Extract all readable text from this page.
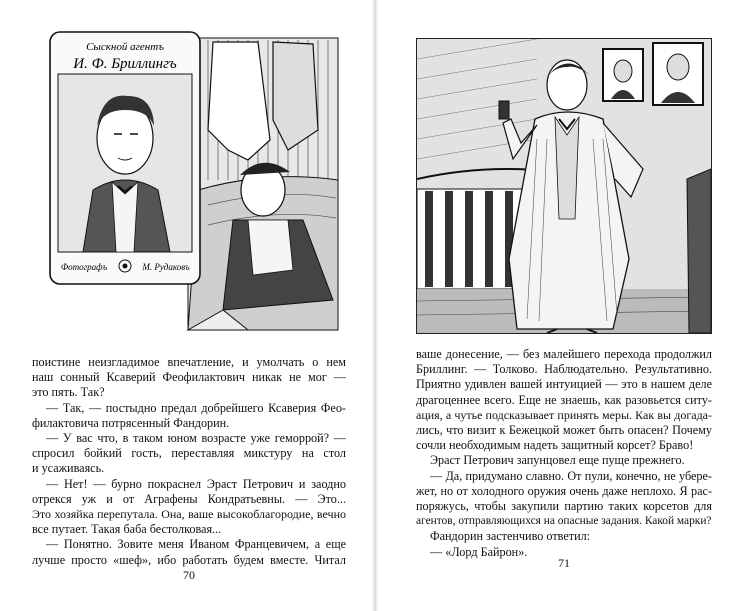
Сыскной агентъ
И. Ф. Бриллингъ
Фотографъ	М. Рудаковъ
поистине неизгладимое впечатление, и умолчать о нем
наш сонный Ксаверий Феофилактович никак не мог —
это пять. Так?
— Так, — постыдно предал добрейшего Ксаверия Фео-
филактовича потрясенный Фандорин.
— У вас что, в таком юном возрасте уже геморрой? —
спросил бойкий гость, переставляя микстуру на стол
и усаживаясь.
— Нет! — бурно покраснел Эраст Петрович и заодно
отрекся уж и от Аграфены Кондратьевны. — Это...
Это хозяйка перепутала. Она, ваше высокоблагородие, вечно
все путает. Такая баба бестолковая...
— Понятно. Зовите меня Иваном Францевичем, а еще
лучше просто «шеф», ибо работать будем вместе. Читал
70
ваше донесение, — без малейшего перехода продолжил
Бриллинг. — Толково. Наблюдательно. Результативно.
Приятно удивлен вашей интуицией — это в нашем деле
драгоценнее всего. Еще не знаешь, как разовьется ситу-
ация, а чутье подсказывает принять меры. Как вы догада-
лись, что визит к Бежецкой может быть опасен? Почему
сочли необходимым надеть защитный корсет? Браво!
Эраст Петрович запунцовел еще пуще прежнего.
— Да, придумано славно. От пули, конечно, не убере-
жет, но от холодного оружия очень даже неплохо. Я рас-
поряжусь, чтобы закупили партию таких корсетов для
агентов, отправляющихся на опасные задания. Какой марки?
Фандорин застенчиво ответил:
— «Лорд Байрон».
71
